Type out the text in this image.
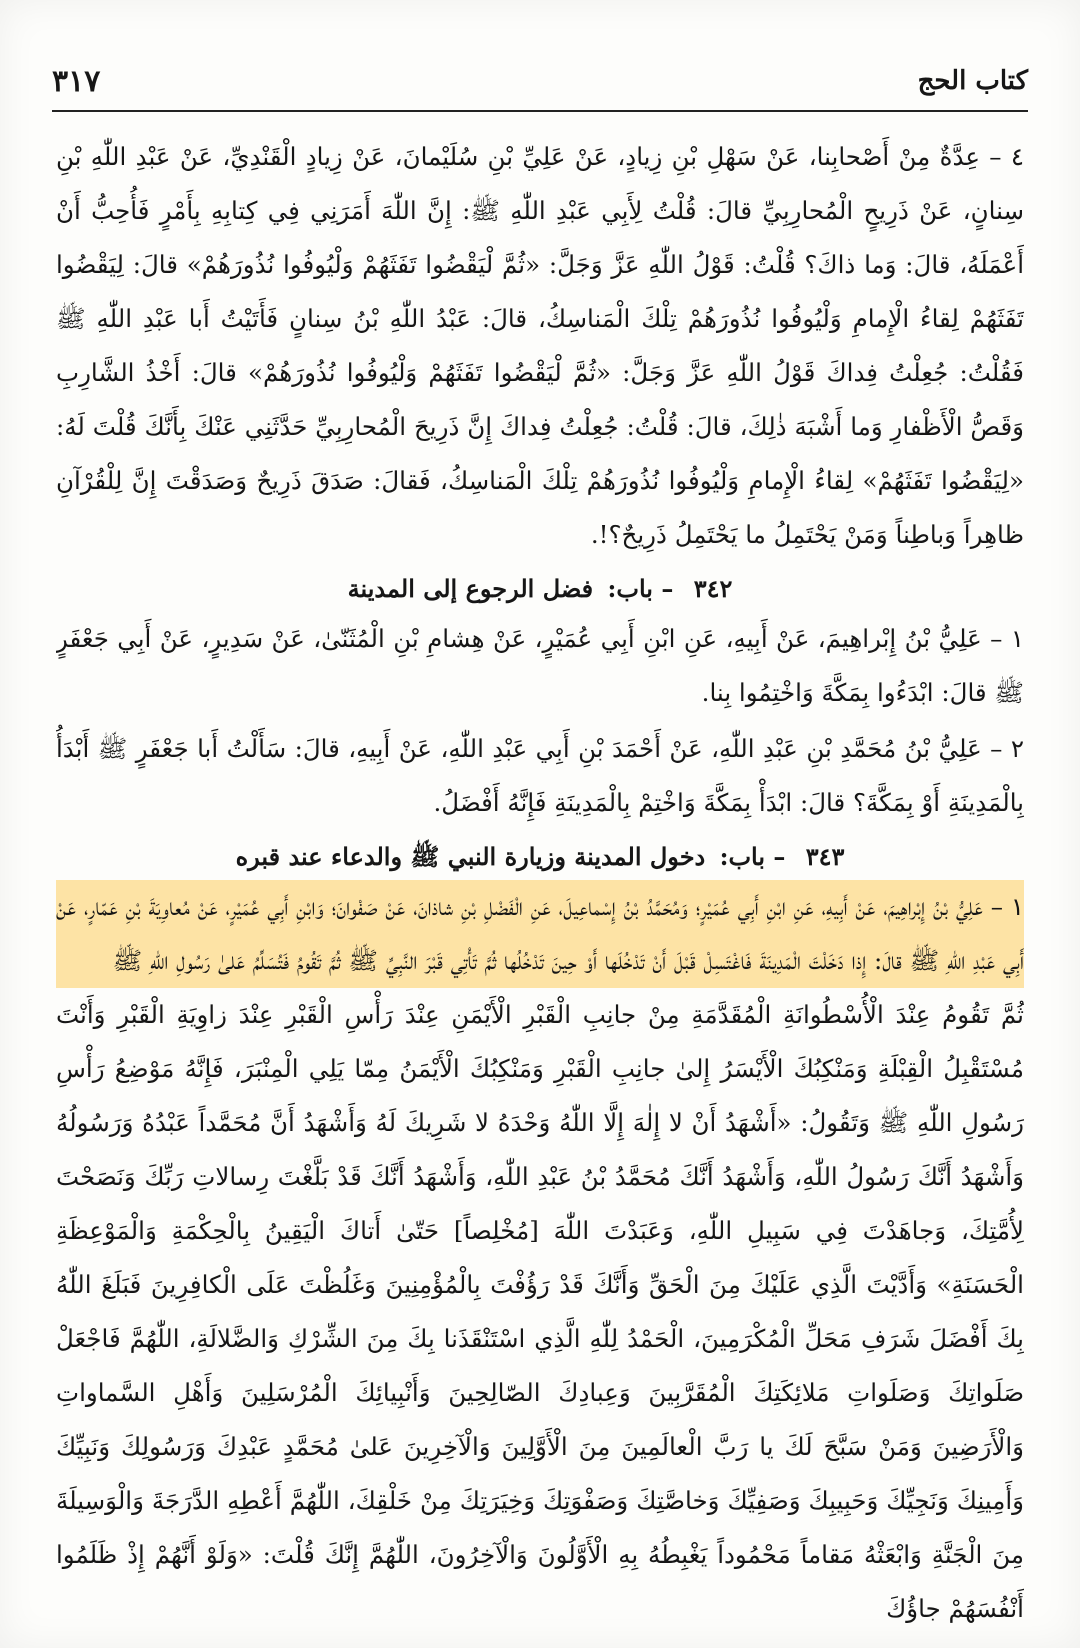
كتاب الحج
٣١٧

٤ – عِدَّةٌ مِنْ أَصْحابِنا، عَنْ سَهْلِ بْنِ زِيادٍ، عَنْ عَلِيِّ بْنِ سُلَيْمانَ، عَنْ زِيادٍ الْقَنْدِيِّ، عَنْ عَبْدِ اللّٰهِ بْنِ سِنانٍ، عَنْ ذَرِيحٍ الْمُحارِبِيِّ قالَ: قُلْتُ لِأَبِي عَبْدِ اللّٰهِ ﷺ: إِنَّ اللّٰهَ أَمَرَنِي فِي كِتابِهِ بِأَمْرٍ فَأُحِبُّ أَنْ أَعْمَلَهُ، قالَ: وَما ذاكَ؟ قُلْتُ: قَوْلُ اللّٰهِ عَزَّ وَجَلَّ: «ثُمَّ لْيَقْضُوا تَفَثَهُمْ وَلْيُوفُوا نُذُورَهُمْ» قالَ: لِيَقْضُوا تَفَثَهُمْ لِقاءُ الْإِمامِ وَلْيُوفُوا نُذُورَهُمْ تِلْكَ الْمَناسِكُ، قالَ: عَبْدُ اللّٰهِ بْنُ سِنانٍ فَأَتَيْتُ أَبا عَبْدِ اللّٰهِ ﷺ فَقُلْتُ: جُعِلْتُ فِداكَ قَوْلُ اللّٰهِ عَزَّ وَجَلَّ: «ثُمَّ لْيَقْضُوا تَفَثَهُمْ وَلْيُوفُوا نُذُورَهُمْ» قالَ: أَخْذُ الشَّارِبِ وَقَصُّ الْأَظْفارِ وَما أَشْبَهَ ذٰلِكَ، قالَ: قُلْتُ: جُعِلْتُ فِداكَ إِنَّ ذَرِيحَ الْمُحارِبِيِّ حَدَّثَنِي عَنْكَ بِأَنَّكَ قُلْتَ لَهُ: «لِيَقْضُوا تَفَثَهُمْ» لِقاءُ الْإِمامِ وَلْيُوفُوا نُذُورَهُمْ تِلْكَ الْمَناسِكُ، فَقالَ: صَدَقَ ذَرِيحٌ وَصَدَقْتَ إِنَّ لِلْقُرْآنِ ظاهِراً وَباطِناً وَمَنْ يَحْتَمِلُ ما يَحْتَمِلُ ذَرِيحٌ؟!.

٣٤٢ – باب: فضل الرجوع إلى المدينة

١ – عَلِيُّ بْنُ إِبْراهِيمَ، عَنْ أَبِيهِ، عَنِ ابْنِ أَبِي عُمَيْرٍ، عَنْ هِشامِ بْنِ الْمُثَنّىٰ، عَنْ سَدِيرٍ، عَنْ أَبِي جَعْفَرٍ ﷺ قالَ: ابْدَءُوا بِمَكَّةَ وَاخْتِمُوا بِنا.

٢ – عَلِيُّ بْنُ مُحَمَّدِ بْنِ عَبْدِ اللّٰهِ، عَنْ أَحْمَدَ بْنِ أَبِي عَبْدِ اللّٰهِ، عَنْ أَبِيهِ، قالَ: سَأَلْتُ أَبا جَعْفَرٍ ﷺ أَبْدَأُ بِالْمَدِينَةِ أَوْ بِمَكَّةَ؟ قالَ: ابْدَأْ بِمَكَّةَ وَاخْتِمْ بِالْمَدِينَةِ فَإِنَّهُ أَفْضَلُ.

٣٤٣ – باب: دخول المدينة وزيارة النبي ﷺ والدعاء عند قبره

١ – عَلِيُّ بْنُ إِبْراهِيمَ، عَنْ أَبِيهِ، عَنِ ابْنِ أَبِي عُمَيْرٍ؛ وَمُحَمَّدُ بْنُ إِسْماعِيلَ، عَنِ الْفَضْلِ بْنِ شاذانَ، عَنْ صَفْوانَ؛ وَابْنِ أَبِي عُمَيْرٍ، عَنْ مُعاوِيَةَ بْنِ عَمّارٍ، عَنْ أَبِي عَبْدِ اللّٰهِ ﷺ قالَ: إِذا دَخَلْتَ الْمَدِينَةَ فَاغْتَسِلْ قَبْلَ أَنْ تَدْخُلَها أَوْ حِينَ تَدْخُلُها ثُمَّ تَأْتِي قَبْرَ النَّبِيِّ ﷺ ثُمَّ تَقُومُ فَتُسَلِّمُ عَلىٰ رَسُولِ اللّٰهِ ﷺ

ثُمَّ تَقُومُ عِنْدَ الْأُسْطُوانَةِ الْمُقَدَّمَةِ مِنْ جانِبِ الْقَبْرِ الْأَيْمَنِ عِنْدَ رَأْسِ الْقَبْرِ عِنْدَ زاوِيَةِ الْقَبْرِ وَأَنْتَ مُسْتَقْبِلُ الْقِبْلَةِ وَمَنْكِبُكَ الْأَيْسَرُ إِلىٰ جانِبِ الْقَبْرِ وَمَنْكِبُكَ الْأَيْمَنُ مِمّا يَلِي الْمِنْبَرَ، فَإِنَّهُ مَوْضِعُ رَأْسِ رَسُولِ اللّٰهِ ﷺ وَتَقُولُ: «أَشْهَدُ أَنْ لا إِلٰهَ إِلَّا اللّٰهُ وَحْدَهُ لا شَرِيكَ لَهُ وَأَشْهَدُ أَنَّ مُحَمَّداً عَبْدُهُ وَرَسُولُهُ وَأَشْهَدُ أَنَّكَ رَسُولُ اللّٰهِ، وَأَشْهَدُ أَنَّكَ مُحَمَّدُ بْنُ عَبْدِ اللّٰهِ، وَأَشْهَدُ أَنَّكَ قَدْ بَلَّغْتَ رِسالاتِ رَبِّكَ وَنَصَحْتَ لِأُمَّتِكَ، وَجاهَدْتَ فِي سَبِيلِ اللّٰهِ، وَعَبَدْتَ اللّٰهَ [مُخْلِصاً] حَتّىٰ أَتاكَ الْيَقِينُ بِالْحِكْمَةِ وَالْمَوْعِظَةِ الْحَسَنَةِ» وَأَدَّيْتَ الَّذِي عَلَيْكَ مِنَ الْحَقِّ وَأَنَّكَ قَدْ رَؤُفْتَ بِالْمُؤْمِنِينَ وَغَلُظْتَ عَلَى الْكافِرِينَ فَبَلَغَ اللّٰهُ بِكَ أَفْضَلَ شَرَفِ مَحَلِّ الْمُكْرَمِينَ، الْحَمْدُ لِلّٰهِ الَّذِي اسْتَنْقَذَنا بِكَ مِنَ الشِّرْكِ وَالضَّلالَةِ، اللّٰهُمَّ فَاجْعَلْ صَلَواتِكَ وَصَلَواتِ مَلائِكَتِكَ الْمُقَرَّبِينَ وَعِبادِكَ الصّالِحِينَ وَأَنْبِيائِكَ الْمُرْسَلِينَ وَأَهْلِ السَّماواتِ وَالْأَرَضِينَ وَمَنْ سَبَّحَ لَكَ يا رَبَّ الْعالَمِينَ مِنَ الْأَوَّلِينَ وَالْآخِرِينَ عَلىٰ مُحَمَّدٍ عَبْدِكَ وَرَسُولِكَ وَنَبِيِّكَ وَأَمِينِكَ وَنَجِيِّكَ وَحَبِيبِكَ وَصَفِيِّكَ وَخاصَّتِكَ وَصَفْوَتِكَ وَخِيَرَتِكَ مِنْ خَلْقِكَ، اللّٰهُمَّ أَعْطِهِ الدَّرَجَةَ وَالْوَسِيلَةَ مِنَ الْجَنَّةِ وَابْعَثْهُ مَقاماً مَحْمُوداً يَغْبِطُهُ بِهِ الْأَوَّلُونَ وَالْآخِرُونَ، اللّٰهُمَّ إِنَّكَ قُلْتَ: «وَلَوْ أَنَّهُمْ إِذْ ظَلَمُوا أَنْفُسَهُمْ جاؤُكَ
